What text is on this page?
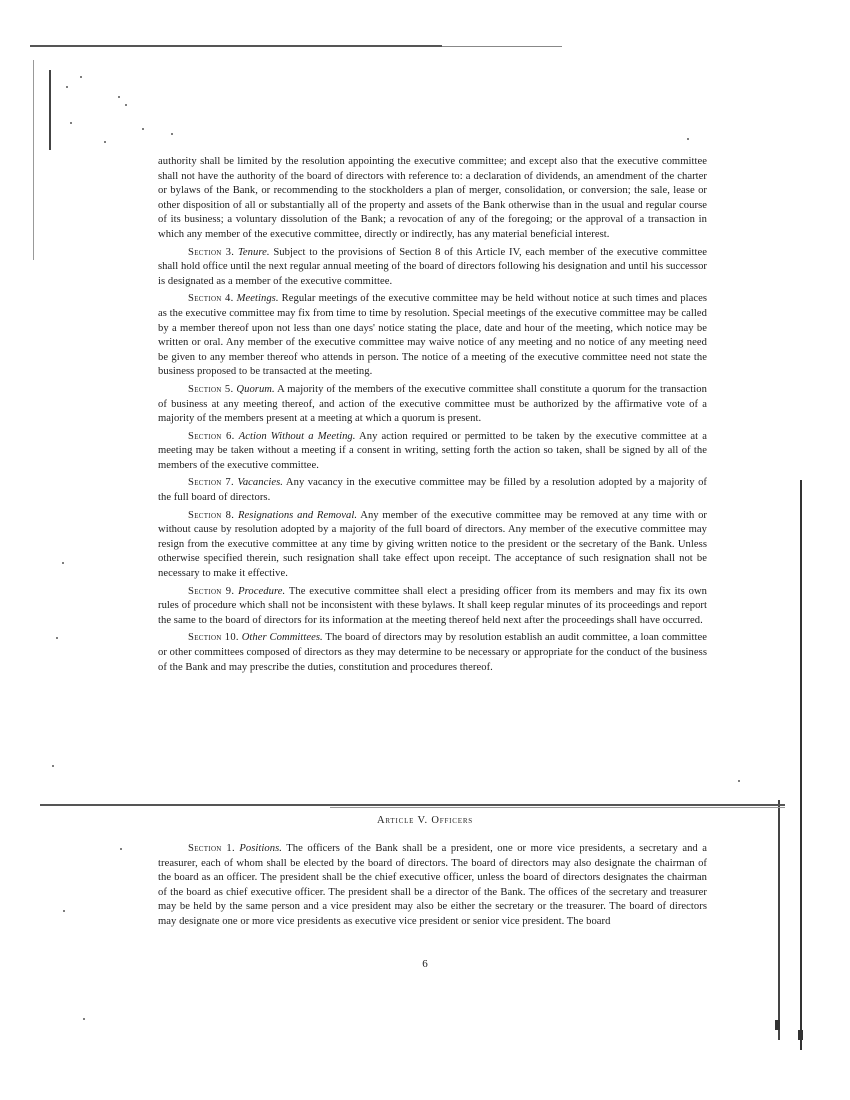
authority shall be limited by the resolution appointing the executive committee; and except also that the executive committee shall not have the authority of the board of directors with reference to: a declaration of dividends, an amendment of the charter or bylaws of the Bank, or recommending to the stockholders a plan of merger, consolidation, or conversion; the sale, lease or other disposition of all or substantially all of the property and assets of the Bank otherwise than in the usual and regular course of its business; a voluntary dissolution of the Bank; a revocation of any of the foregoing; or the approval of a transaction in which any member of the executive committee, directly or indirectly, has any material beneficial interest.

Section 3. Tenure. Subject to the provisions of Section 8 of this Article IV, each member of the executive committee shall hold office until the next regular annual meeting of the board of directors following his designation and until his successor is designated as a member of the executive committee.

Section 4. Meetings. Regular meetings of the executive committee may be held without notice at such times and places as the executive committee may fix from time to time by resolution. Special meetings of the executive committee may be called by a member thereof upon not less than one days' notice stating the place, date and hour of the meeting, which notice may be written or oral. Any member of the executive committee may waive notice of any meeting and no notice of any meeting need be given to any member thereof who attends in person. The notice of a meeting of the executive committee need not state the business proposed to be transacted at the meeting.

Section 5. Quorum. A majority of the members of the executive committee shall constitute a quorum for the transaction of business at any meeting thereof, and action of the executive committee must be authorized by the affirmative vote of a majority of the members present at a meeting at which a quorum is present.

Section 6. Action Without a Meeting. Any action required or permitted to be taken by the executive committee at a meeting may be taken without a meeting if a consent in writing, setting forth the action so taken, shall be signed by all of the members of the executive committee.

Section 7. Vacancies. Any vacancy in the executive committee may be filled by a resolution adopted by a majority of the full board of directors.

Section 8. Resignations and Removal. Any member of the executive committee may be removed at any time with or without cause by resolution adopted by a majority of the full board of directors. Any member of the executive committee may resign from the executive committee at any time by giving written notice to the president or the secretary of the Bank. Unless otherwise specified therein, such resignation shall take effect upon receipt. The acceptance of such resignation shall not be necessary to make it effective.

Section 9. Procedure. The executive committee shall elect a presiding officer from its members and may fix its own rules of procedure which shall not be inconsistent with these bylaws. It shall keep regular minutes of its proceedings and report the same to the board of directors for its information at the meeting thereof held next after the proceedings shall have occurred.

Section 10. Other Committees. The board of directors may by resolution establish an audit committee, a loan committee or other committees composed of directors as they may determine to be necessary or appropriate for the conduct of the business of the Bank and may prescribe the duties, constitution and procedures thereof.

Article V. Officers

Section 1. Positions. The officers of the Bank shall be a president, one or more vice presidents, a secretary and a treasurer, each of whom shall be elected by the board of directors. The board of directors may also designate the chairman of the board as an officer. The president shall be the chief executive officer, unless the board of directors designates the chairman of the board as chief executive officer. The president shall be a director of the Bank. The offices of the secretary and treasurer may be held by the same person and a vice president may also be either the secretary or the treasurer. The board of directors may designate one or more vice presidents as executive vice president or senior vice president. The board

6
